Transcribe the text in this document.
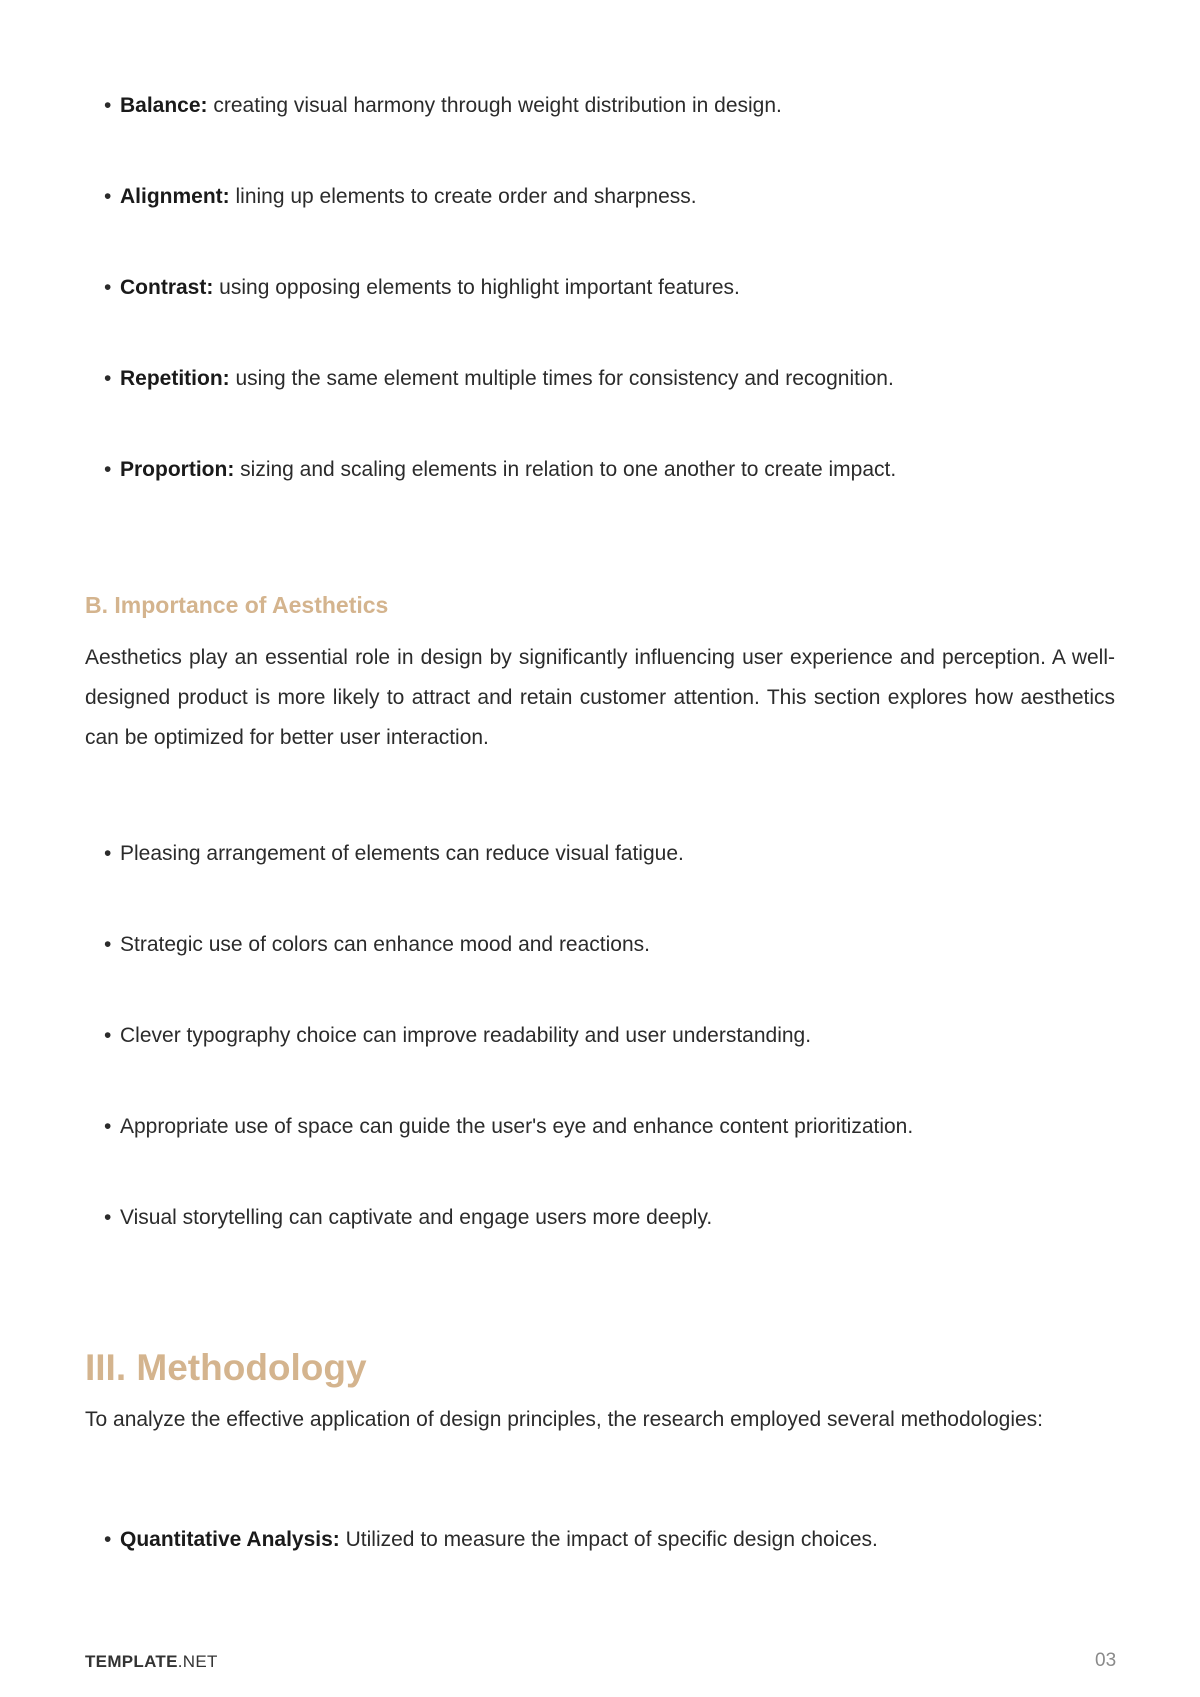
• Balance: creating visual harmony through weight distribution in design.
• Alignment: lining up elements to create order and sharpness.
• Contrast: using opposing elements to highlight important features.
• Repetition: using the same element multiple times for consistency and recognition.
• Proportion: sizing and scaling elements in relation to one another to create impact.
B. Importance of Aesthetics

Aesthetics play an essential role in design by significantly influencing user experience and perception. A well-designed product is more likely to attract and retain customer attention. This section explores how aesthetics can be optimized for better user interaction.

• Pleasing arrangement of elements can reduce visual fatigue.
• Strategic use of colors can enhance mood and reactions.
• Clever typography choice can improve readability and user understanding.
• Appropriate use of space can guide the user's eye and enhance content prioritization.
• Visual storytelling can captivate and engage users more deeply.
III. Methodology

To analyze the effective application of design principles, the research employed several methodologies:

• Quantitative Analysis: Utilized to measure the impact of specific design choices.
TEMPLATE.NET	03
